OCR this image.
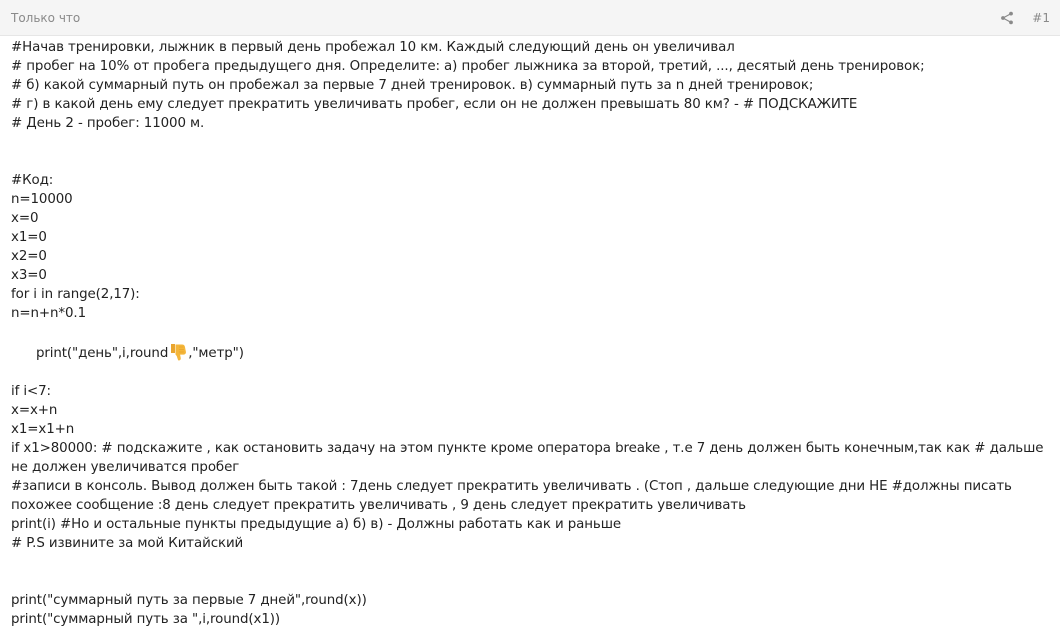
Только что	#1

#Начав тренировки, лыжник в первый день пробежал 10 км. Каждый следующий день он увеличивал

# пробег на 10% от пробега предыдущего дня. Определите: а) пробег лыжника за второй, третий, ..., десятый день тренировок;

# б) какой суммарный путь он пробежал за первые 7 дней тренировок. в) суммарный путь за n дней тренировок;

# г) в какой день ему следует прекратить увеличивать пробег, если он не должен превышать 80 км? - # ПОДСКАЖИТЕ

# День 2 - пробег: 11000 м.

#Код:

n=10000

x=0

x1=0

x2=0

x3=0

for i in range(2,17):

n=n+n*0.1

print("день",i,round ,"метр")

if i<7:

x=x+n

x1=x1+n

if x1>80000: # подскажите , как остановить задачу на этом пункте кроме оператора breake , т.е 7 день должен быть конечным,так как # дальше не должен увеличиватся пробег

#записи в консоль. Вывод должен быть такой : 7день следует прекратить увеличивать . (Стоп , дальше следующие дни НЕ #должны писать похожее сообщение :8 день следует прекратить увеличивать , 9 день следует прекратить увеличивать

print(i) #Но и остальные пункты предыдущие а) б) в) - Должны работать как и раньше

# P.S извините за мой Китайский

print("суммарный путь за первые 7 дней",round(x))

print("суммарный путь за ",i,round(x1))
